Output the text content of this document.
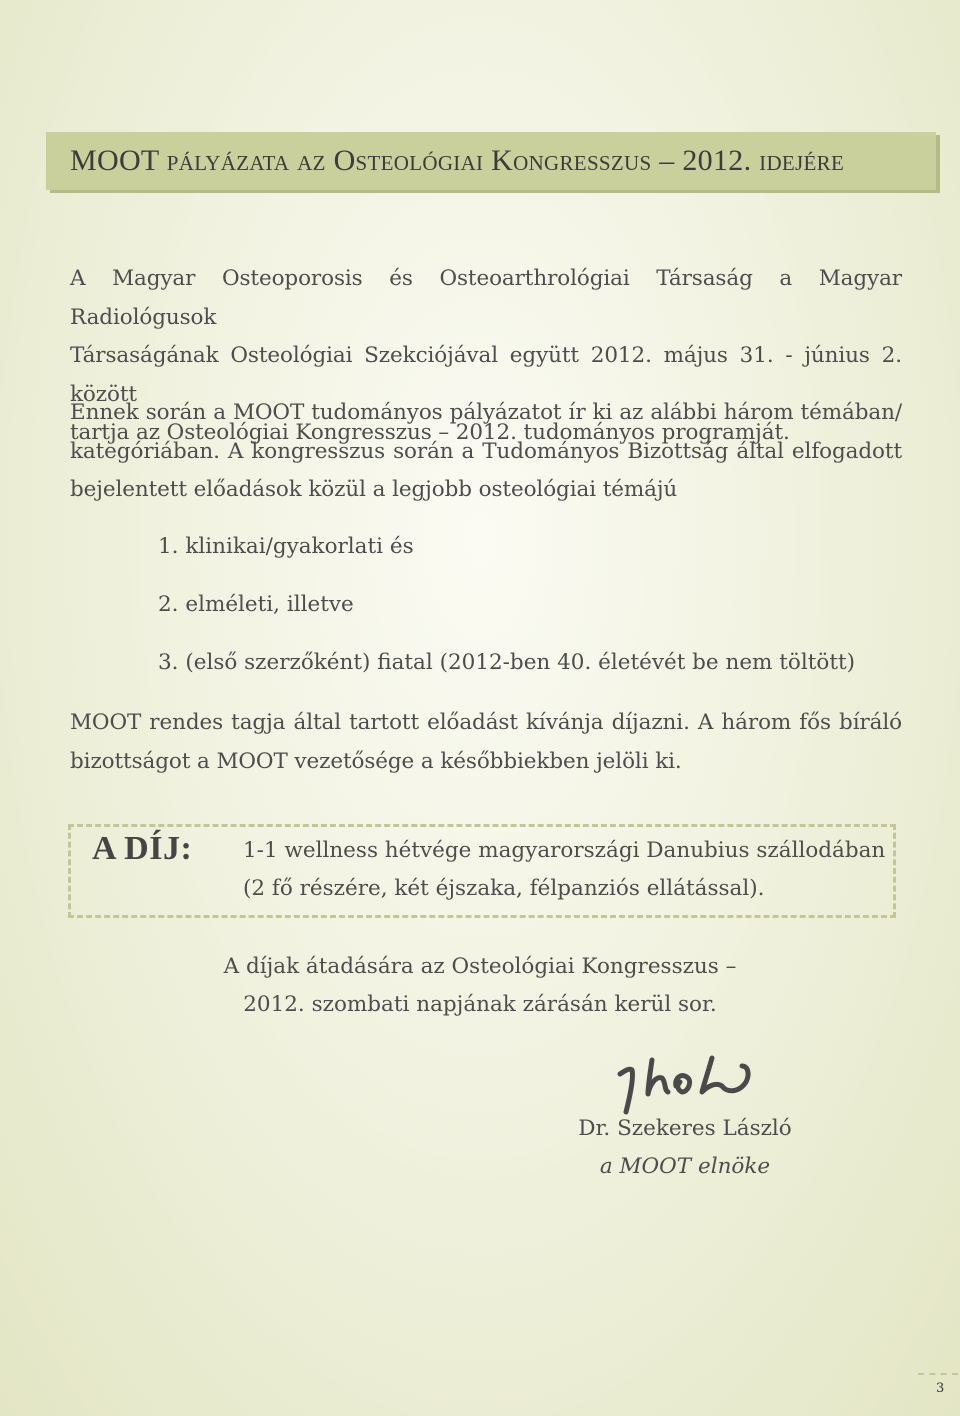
MOOT pályázata az Osteológiai Kongresszus – 2012. idejére
A Magyar Osteoporosis és Osteoarthrológiai Társaság a Magyar Radiológusok
Társaságának Osteológiai Szekciójával együtt 2012. május 31. - június 2. között
tartja az Osteológiai Kongresszus – 2012. tudományos programját.
Ennek során a MOOT tudományos pályázatot ír ki az alábbi három témában/
kategóriában. A kongresszus során a Tudományos Bizottság által elfogadott
bejelentett előadások közül a legjobb osteológiai témájú
1. klinikai/gyakorlati és
2. elméleti, illetve
3. (első szerzőként) fiatal (2012-ben 40. életévét be nem töltött)
MOOT rendes tagja által tartott előadást kívánja díjazni. A három fős bíráló
bizottságot a MOOT vezetősége a későbbiekben jelöli ki.
A DÍJ: 1-1 wellness hétvége magyarországi Danubius szállodában
(2 fő részére, két éjszaka, félpanziós ellátással).
A díjak átadására az Osteológiai Kongresszus –
2012. szombati napjának zárásán kerül sor.
Dr. Szekeres László
a MOOT elnöke
3
